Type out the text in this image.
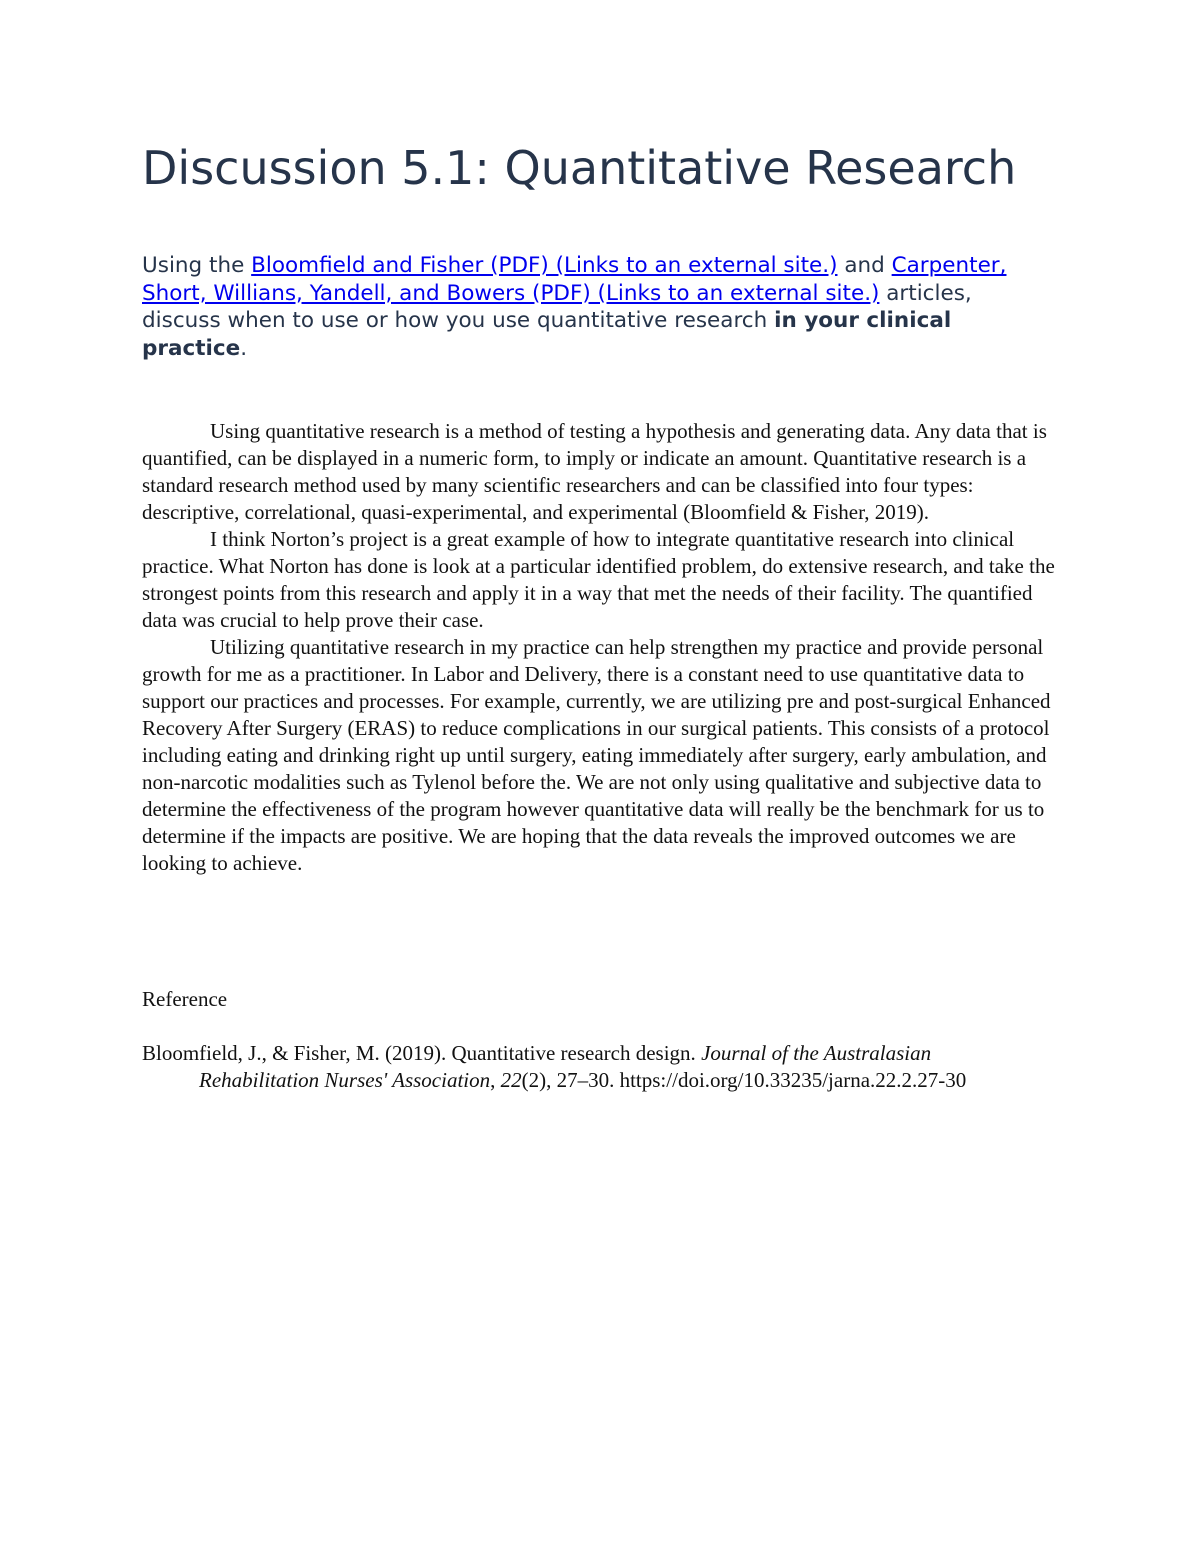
Discussion 5.1: Quantitative Research

Using the Bloomfield and Fisher (PDF) (Links to an external site.) and Carpenter, Short, Willians, Yandell, and Bowers (PDF) (Links to an external site.) articles, discuss when to use or how you use quantitative research in your clinical practice.

Using quantitative research is a method of testing a hypothesis and generating data. Any data that is quantified, can be displayed in a numeric form, to imply or indicate an amount. Quantitative research is a standard research method used by many scientific researchers and can be classified into four types: descriptive, correlational, quasi-experimental, and experimental (Bloomfield & Fisher, 2019).

I think Norton’s project is a great example of how to integrate quantitative research into clinical practice. What Norton has done is look at a particular identified problem, do extensive research, and take the strongest points from this research and apply it in a way that met the needs of their facility. The quantified data was crucial to help prove their case.

Utilizing quantitative research in my practice can help strengthen my practice and provide personal growth for me as a practitioner. In Labor and Delivery, there is a constant need to use quantitative data to support our practices and processes. For example, currently, we are utilizing pre and post-surgical Enhanced Recovery After Surgery (ERAS) to reduce complications in our surgical patients. This consists of a protocol including eating and drinking right up until surgery, eating immediately after surgery, early ambulation, and non-narcotic modalities such as Tylenol before the. We are not only using qualitative and subjective data to determine the effectiveness of the program however quantitative data will really be the benchmark for us to determine if the impacts are positive. We are hoping that the data reveals the improved outcomes we are looking to achieve.

Reference

Bloomfield, J., & Fisher, M. (2019). Quantitative research design. Journal of the Australasian Rehabilitation Nurses' Association, 22(2), 27–30. https://doi.org/10.33235/jarna.22.2.27-30
